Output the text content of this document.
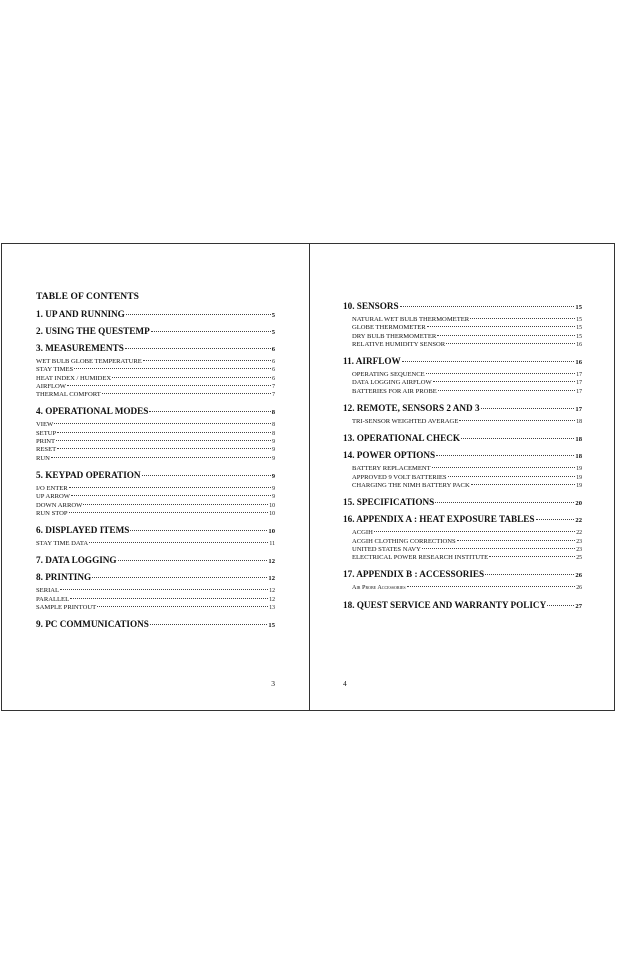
TABLE OF CONTENTS
1. UP AND RUNNING	5
2. USING THE QUESTEMP	5
3. MEASUREMENTS	6
WET BULB GLOBE TEMPERATURE	6
STAY TIMES	6
HEAT INDEX / HUMIDEX	6
AIRFLOW	7
THERMAL COMFORT	7
4. OPERATIONAL MODES	8
VIEW	8
SETUP	8
PRINT	9
RESET	9
RUN	9
5. KEYPAD OPERATION	9
I/O ENTER	9
UP ARROW	9
DOWN ARROW	10
RUN STOP	10
6. DISPLAYED ITEMS	10
STAY TIME DATA	11
7. DATA LOGGING	12
8. PRINTING	12
SERIAL	12
PARALLEL	12
SAMPLE PRINTOUT	13
9. PC COMMUNICATIONS	15
3
10. SENSORS	15
NATURAL WET BULB THERMOMETER	15
GLOBE THERMOMETER	15
DRY BULB THERMOMETER	15
RELATIVE HUMIDITY SENSOR	16
11. AIRFLOW	16
OPERATING SEQUENCE	17
DATA LOGGING AIRFLOW	17
BATTERIES FOR AIR PROBE	17
12. REMOTE, SENSORS 2 AND 3	17
TRI-SENSOR WEIGHTED AVERAGE	18
13. OPERATIONAL CHECK	18
14. POWER OPTIONS	18
BATTERY REPLACEMENT	19
APPROVED 9 VOLT BATTERIES	19
CHARGING THE NIMH BATTERY PACK	19
15. SPECIFICATIONS	20
16. APPENDIX A : HEAT EXPOSURE TABLES	22
ACGIH	22
ACGIH CLOTHING CORRECTIONS	23
UNITED STATES NAVY	23
ELECTRICAL POWER RESEARCH INSTITUTE	25
17. APPENDIX B : ACCESSORIES	26
Air Probe Accessories	26
18. QUEST SERVICE AND WARRANTY POLICY	27
4
